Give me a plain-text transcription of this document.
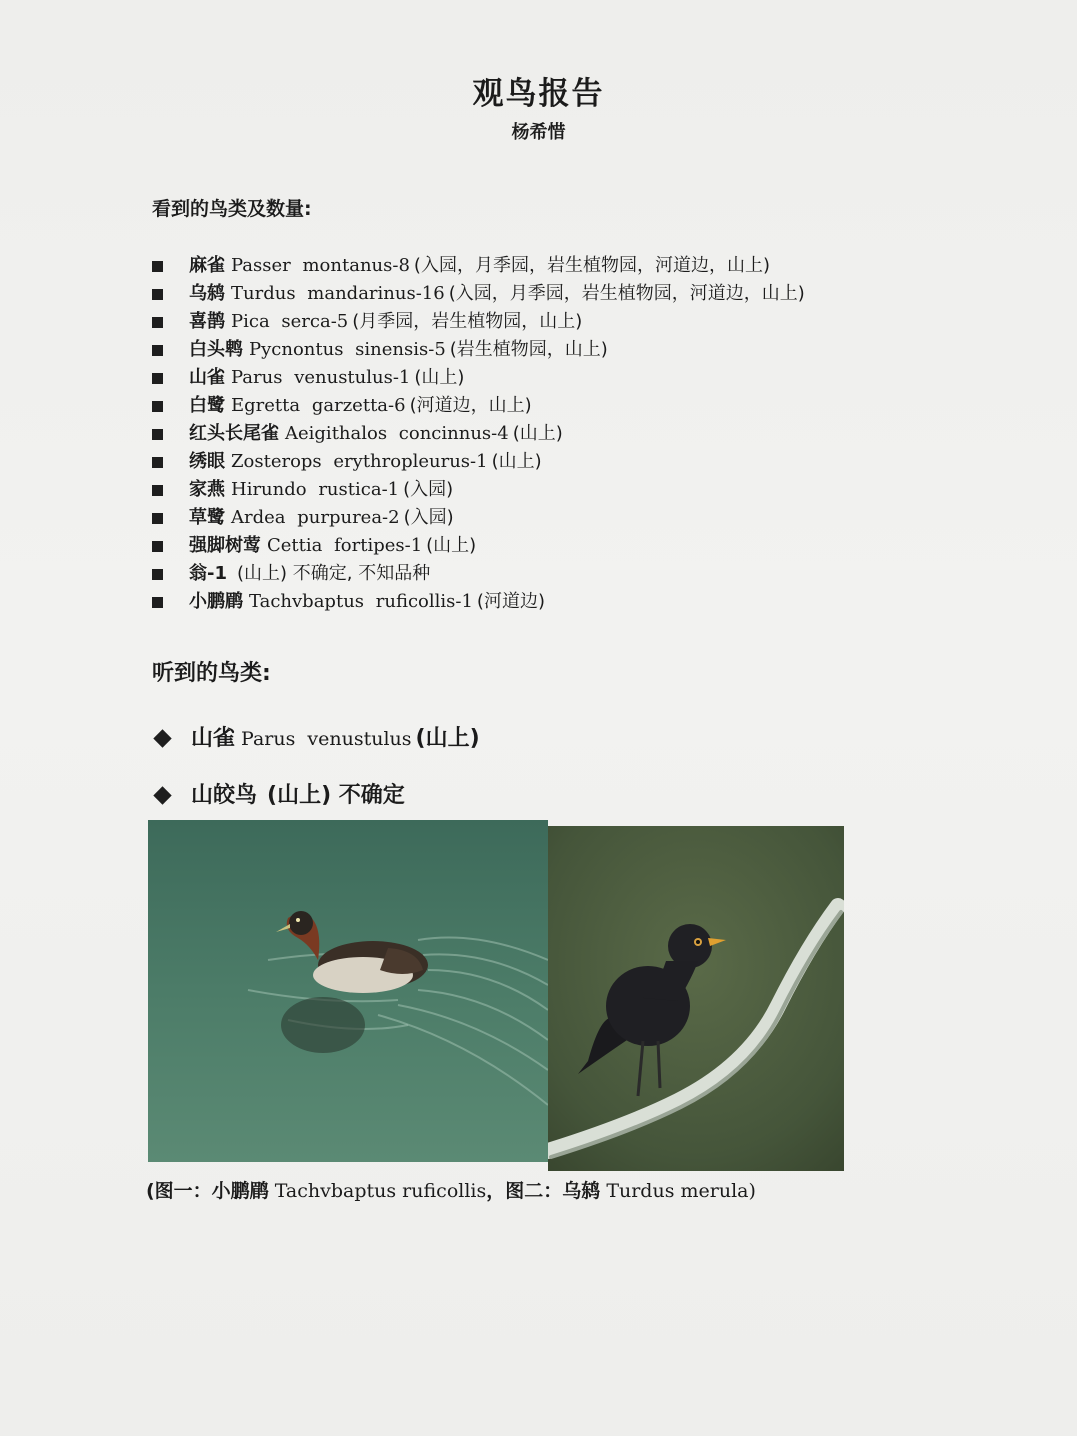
观鸟报告
杨希惜
看到的鸟类及数量:
麻雀 Passer montanus-8 (入园，月季园，岩生植物园，河道边，山上)
乌鸫 Turdus mandarinus-16 (入园，月季园，岩生植物园，河道边，山上)
喜鹊 Pica serca-5 (月季园，岩生植物园，山上)
白头鹎 Pycnontus sinensis-5 (岩生植物园，山上)
山雀 Parus venustulus-1 (山上)
白鹭 Egretta garzetta-6 (河道边，山上)
红头长尾雀 Aeigithalos concinnus-4 (山上)
绣眼 Zosterops erythropleurus-1 (山上)
家燕 Hirundo rustica-1 (入园)
草鹭 Ardea purpurea-2 (入园)
强脚树莺 Cettia fortipes-1 (山上)
翁-1 (山上) 不确定, 不知品种
小鹏鹛 Tachvbaptus ruficollis-1 (河道边)
听到的鸟类:
山雀 Parus venustulus (山上)
山皎鸟 (山上) 不确定
(图一：小鹏鹛 Tachvbaptus ruficollis，图二：乌鸫 Turdus merula)
